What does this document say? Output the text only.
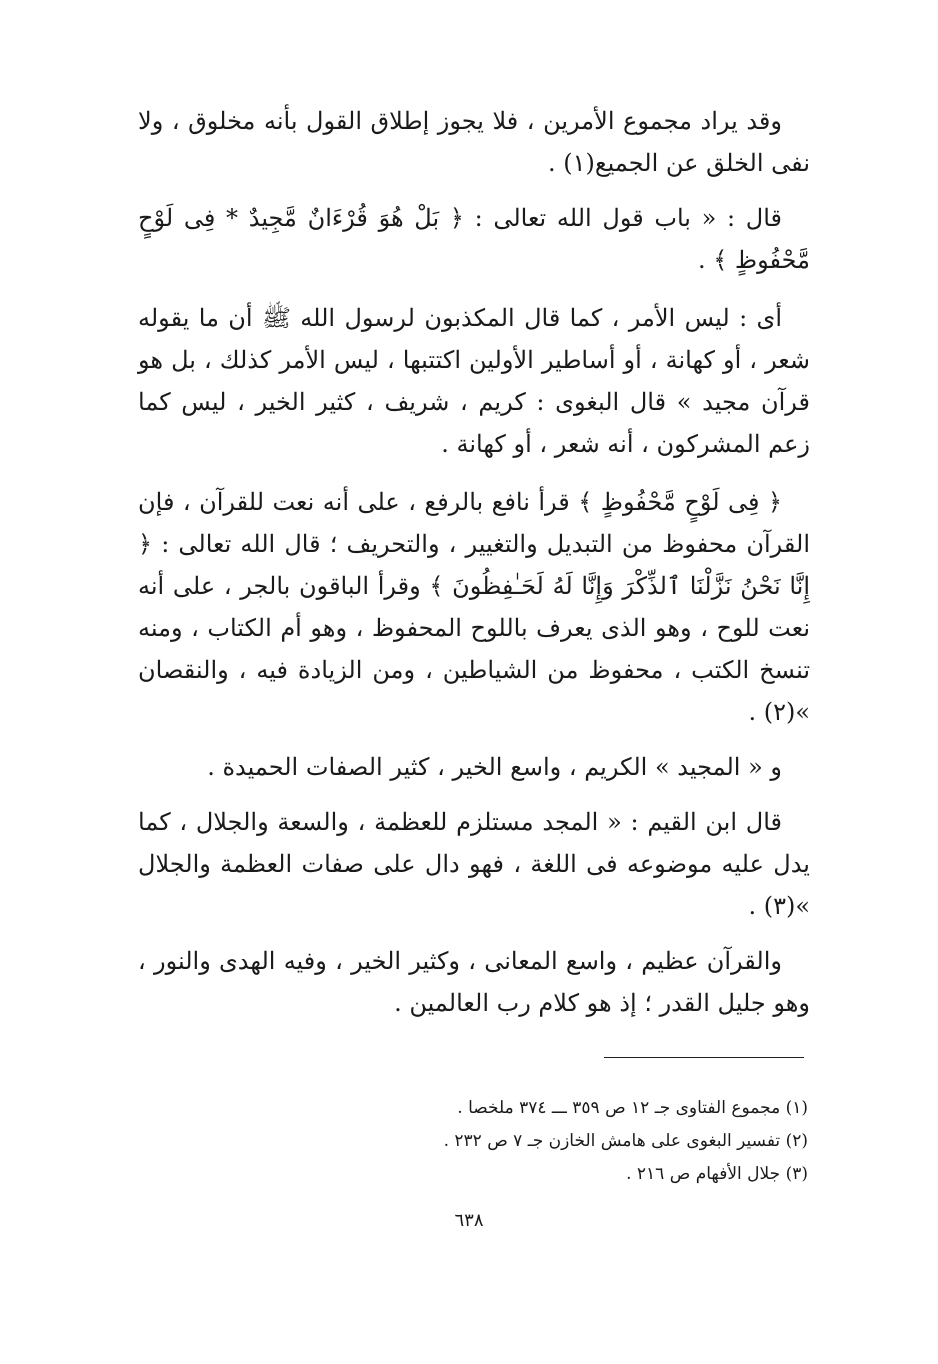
وقد يراد مجموع الأمرين ، فلا يجوز إطلاق القول بأنه مخلوق ، ولا نفى الخلق عن الجميع(١) .

قال : « باب قول الله تعالى : ﴿ بَلْ هُوَ قُرْءَانٌ مَّجِيدٌ * فِى لَوْحٍ مَّحْفُوظٍ ﴾ .

أى : ليس الأمر ، كما قال المكذبون لرسول الله ﷺ أن ما يقوله شعر ، أو كهانة ، أو أساطير الأولين اكتتبها ، ليس الأمر كذلك ، بل هو قرآن مجيد » قال البغوى : كريم ، شريف ، كثير الخير ، ليس كما زعم المشركون ، أنه شعر ، أو كهانة .

﴿ فِى لَوْحٍ مَّحْفُوظٍ ﴾ قرأ نافع بالرفع ، على أنه نعت للقرآن ، فإن القرآن محفوظ من التبديل والتغيير ، والتحريف ؛ قال الله تعالى : ﴿ إِنَّا نَحْنُ نَزَّلْنَا ٱلذِّكْرَ وَإِنَّا لَهُ لَحَـٰفِظُونَ ﴾ وقرأ الباقون بالجر ، على أنه نعت للوح ، وهو الذى يعرف باللوح المحفوظ ، وهو أم الكتاب ، ومنه تنسخ الكتب ، محفوظ من الشياطين ، ومن الزيادة فيه ، والنقصان »(٢) .

و « المجيد » الكريم ، واسع الخير ، كثير الصفات الحميدة .

قال ابن القيم : « المجد مستلزم للعظمة ، والسعة والجلال ، كما يدل عليه موضوعه فى اللغة ، فهو دال على صفات العظمة والجلال »(٣) .

والقرآن عظيم ، واسع المعانى ، وكثير الخير ، وفيه الهدى والنور ، وهو جليل القدر ؛ إذ هو كلام رب العالمين .

(١) مجموع الفتاوى جـ ١٢ ص ٣٥٩ ـــ ٣٧٤ ملخصا .

(٢) تفسير البغوى على هامش الخازن جـ ٧ ص ٢٣٢ .

(٣) جلال الأفهام ص ٢١٦ .

٦٣٨
